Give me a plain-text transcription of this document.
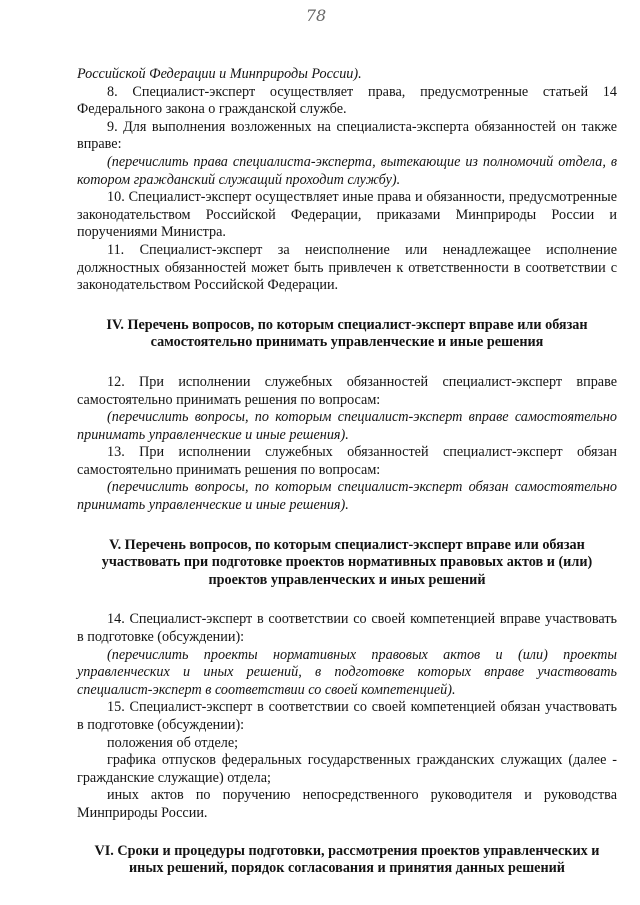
78

Российской Федерации и Минприроды России).

8. Специалист-эксперт осуществляет права, предусмотренные статьей 14 Федерального закона о гражданской службе.

9. Для выполнения возложенных на специалиста-эксперта обязанностей он также вправе:

(перечислить права специалиста-эксперта, вытекающие из полномочий отдела, в котором гражданский служащий проходит службу).

10. Специалист-эксперт осуществляет иные права и обязанности, предусмотренные законодательством Российской Федерации, приказами Минприроды России и поручениями Министра.

11. Специалист-эксперт за неисполнение или ненадлежащее исполнение должностных обязанностей может быть привлечен к ответственности в соответствии с законодательством Российской Федерации.

IV. Перечень вопросов, по которым специалист-эксперт вправе или обязан самостоятельно принимать управленческие и иные решения

12. При исполнении служебных обязанностей специалист-эксперт вправе самостоятельно принимать решения по вопросам:

(перечислить вопросы, по которым специалист-эксперт вправе самостоятельно принимать управленческие и иные решения).

13. При исполнении служебных обязанностей специалист-эксперт обязан самостоятельно принимать решения по вопросам:

(перечислить вопросы, по которым специалист-эксперт обязан самостоятельно принимать управленческие и иные решения).

V. Перечень вопросов, по которым специалист-эксперт вправе или обязан участвовать при подготовке проектов нормативных правовых актов и (или) проектов управленческих и иных решений

14. Специалист-эксперт в соответствии со своей компетенцией вправе участвовать в подготовке (обсуждении):

(перечислить проекты нормативных правовых актов и (или) проекты управленческих и иных решений, в подготовке которых вправе участвовать специалист-эксперт в соответствии со своей компетенцией).

15. Специалист-эксперт в соответствии со своей компетенцией обязан участвовать в подготовке (обсуждении):

положения об отделе;

графика отпусков федеральных государственных гражданских служащих (далее - гражданские служащие) отдела;

иных актов по поручению непосредственного руководителя и руководства Минприроды России.

VI. Сроки и процедуры подготовки, рассмотрения проектов управленческих и иных решений, порядок согласования и принятия данных решений
